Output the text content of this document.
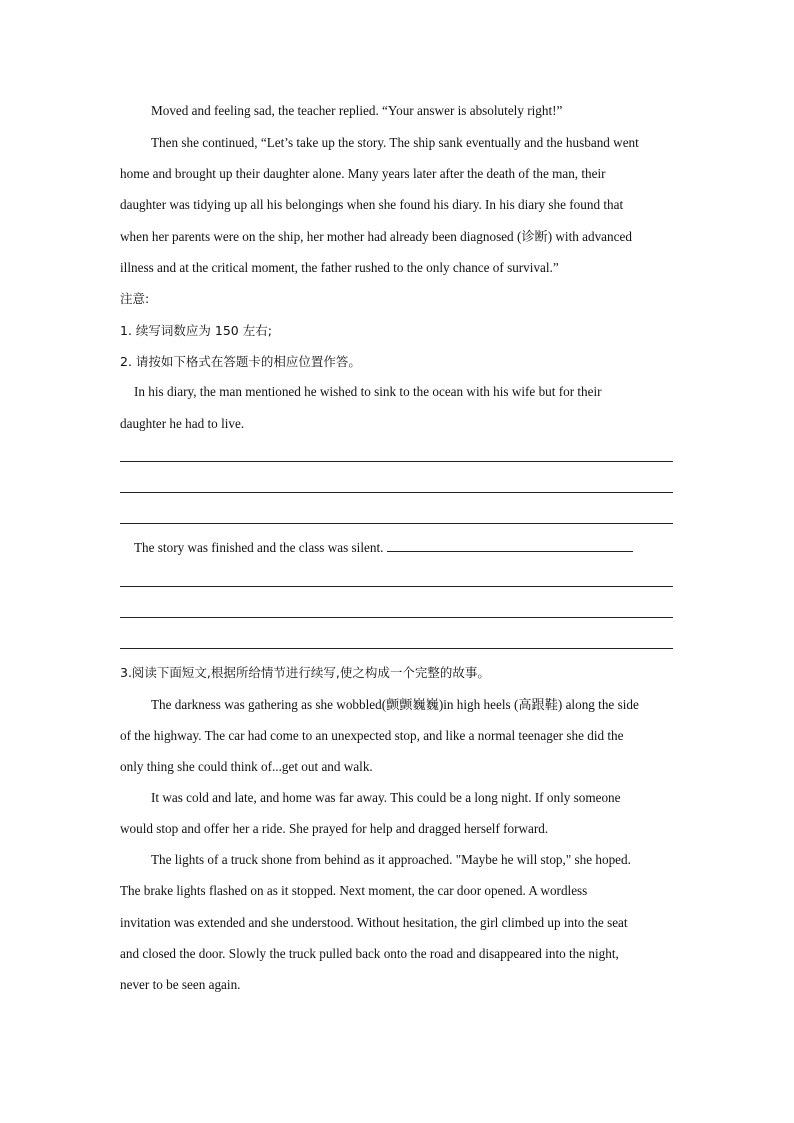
Moved and feeling sad, the teacher replied. “Your answer is absolutely right!”
Then she continued, “Let’s take up the story. The ship sank eventually and the husband went
home and brought up their daughter alone. Many years later after the death of the man, their
daughter was tidying up all his belongings when she found his diary. In his diary she found that
when her parents were on the ship, her mother had already been diagnosed (诊断) with advanced
illness and at the critical moment, the father rushed to the only chance of survival.”
注意:
1. 续写词数应为 150 左右;
2. 请按如下格式在答题卡的相应位置作答。
In his diary, the man mentioned he wished to sink to the ocean with his wife but for their
daughter he had to live.
The story was finished and the class was silent.
3.阅读下面短文,根据所给情节进行续写,使之构成一个完整的故事。
The darkness was gathering as she wobbled(颤颤巍巍)in high heels (高跟鞋) along the side
of the highway. The car had come to an unexpected stop, and like a normal teenager she did the
only thing she could think of...get out and walk.
It was cold and late, and home was far away. This could be a long night. If only someone
would stop and offer her a ride. She prayed for help and dragged herself forward.
The lights of a truck shone from behind as it approached. "Maybe he will stop," she hoped.
The brake lights flashed on as it stopped. Next moment, the car door opened. A wordless
invitation was extended and she understood. Without hesitation, the girl climbed up into the seat
and closed the door. Slowly the truck pulled back onto the road and disappeared into the night,
never to be seen again.
